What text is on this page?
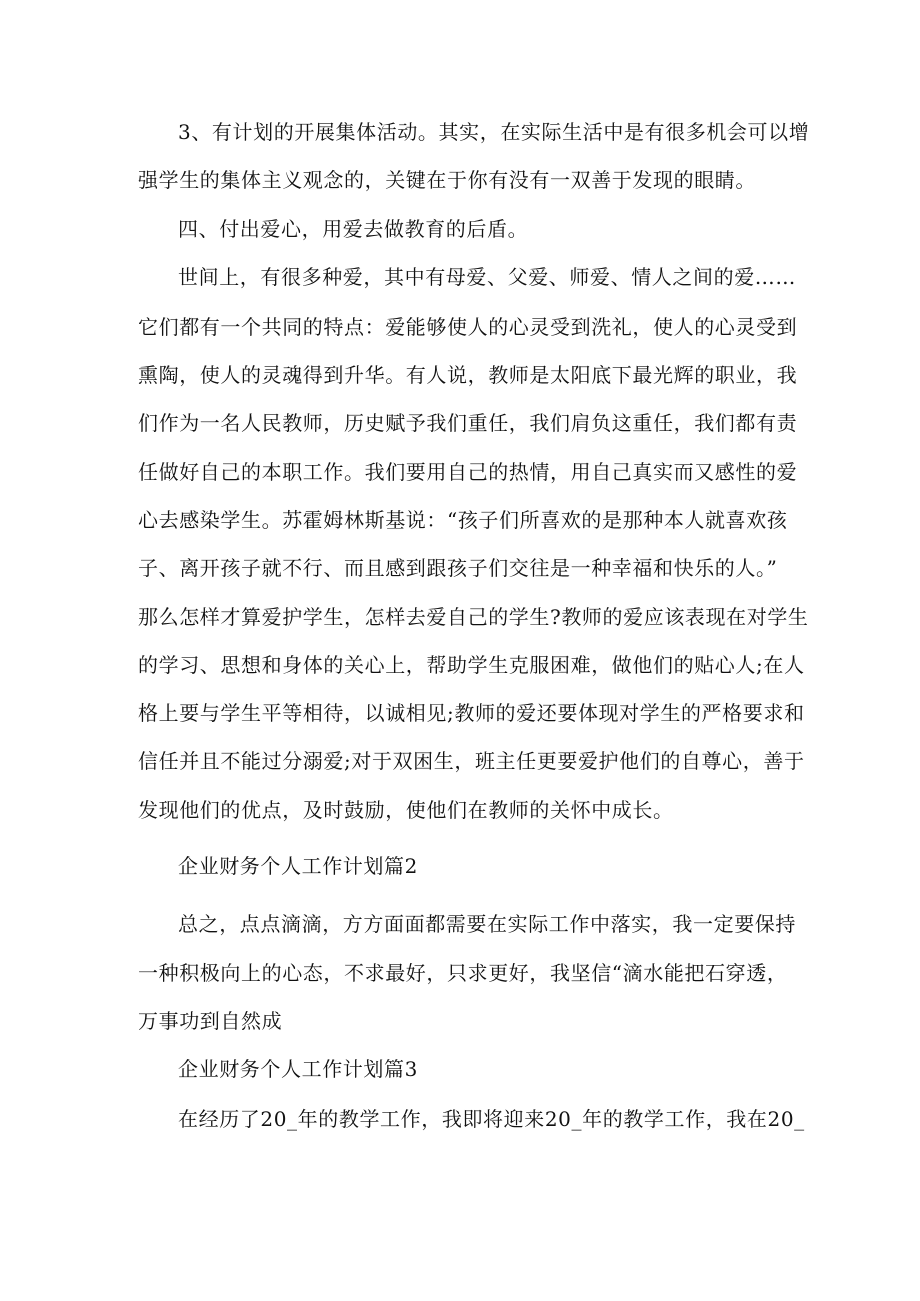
3、有计划的开展集体活动。其实，在实际生活中是有很多机会可以增
强学生的集体主义观念的，关键在于你有没有一双善于发现的眼睛。
四、付出爱心，用爱去做教育的后盾。
世间上，有很多种爱，其中有母爱、父爱、师爱、情人之间的爱……
它们都有一个共同的特点：爱能够使人的心灵受到洗礼，使人的心灵受到
熏陶，使人的灵魂得到升华。有人说，教师是太阳底下最光辉的职业，我
们作为一名人民教师，历史赋予我们重任，我们肩负这重任，我们都有责
任做好自己的本职工作。我们要用自己的热情，用自己真实而又感性的爱
心去感染学生。苏霍姆林斯基说：“孩子们所喜欢的是那种本人就喜欢孩
子、离开孩子就不行、而且感到跟孩子们交往是一种幸福和快乐的人。”
那么怎样才算爱护学生，怎样去爱自己的学生?教师的爱应该表现在对学生
的学习、思想和身体的关心上，帮助学生克服困难，做他们的贴心人;在人
格上要与学生平等相待，以诚相见;教师的爱还要体现对学生的严格要求和
信任并且不能过分溺爱;对于双困生，班主任更要爱护他们的自尊心，善于
发现他们的优点，及时鼓励，使他们在教师的关怀中成长。
企业财务个人工作计划篇2
总之，点点滴滴，方方面面都需要在实际工作中落实，我一定要保持
一种积极向上的心态，不求最好，只求更好，我坚信“滴水能把石穿透，
万事功到自然成
企业财务个人工作计划篇3
在经历了20_年的教学工作，我即将迎来20_年的教学工作，我在20_
